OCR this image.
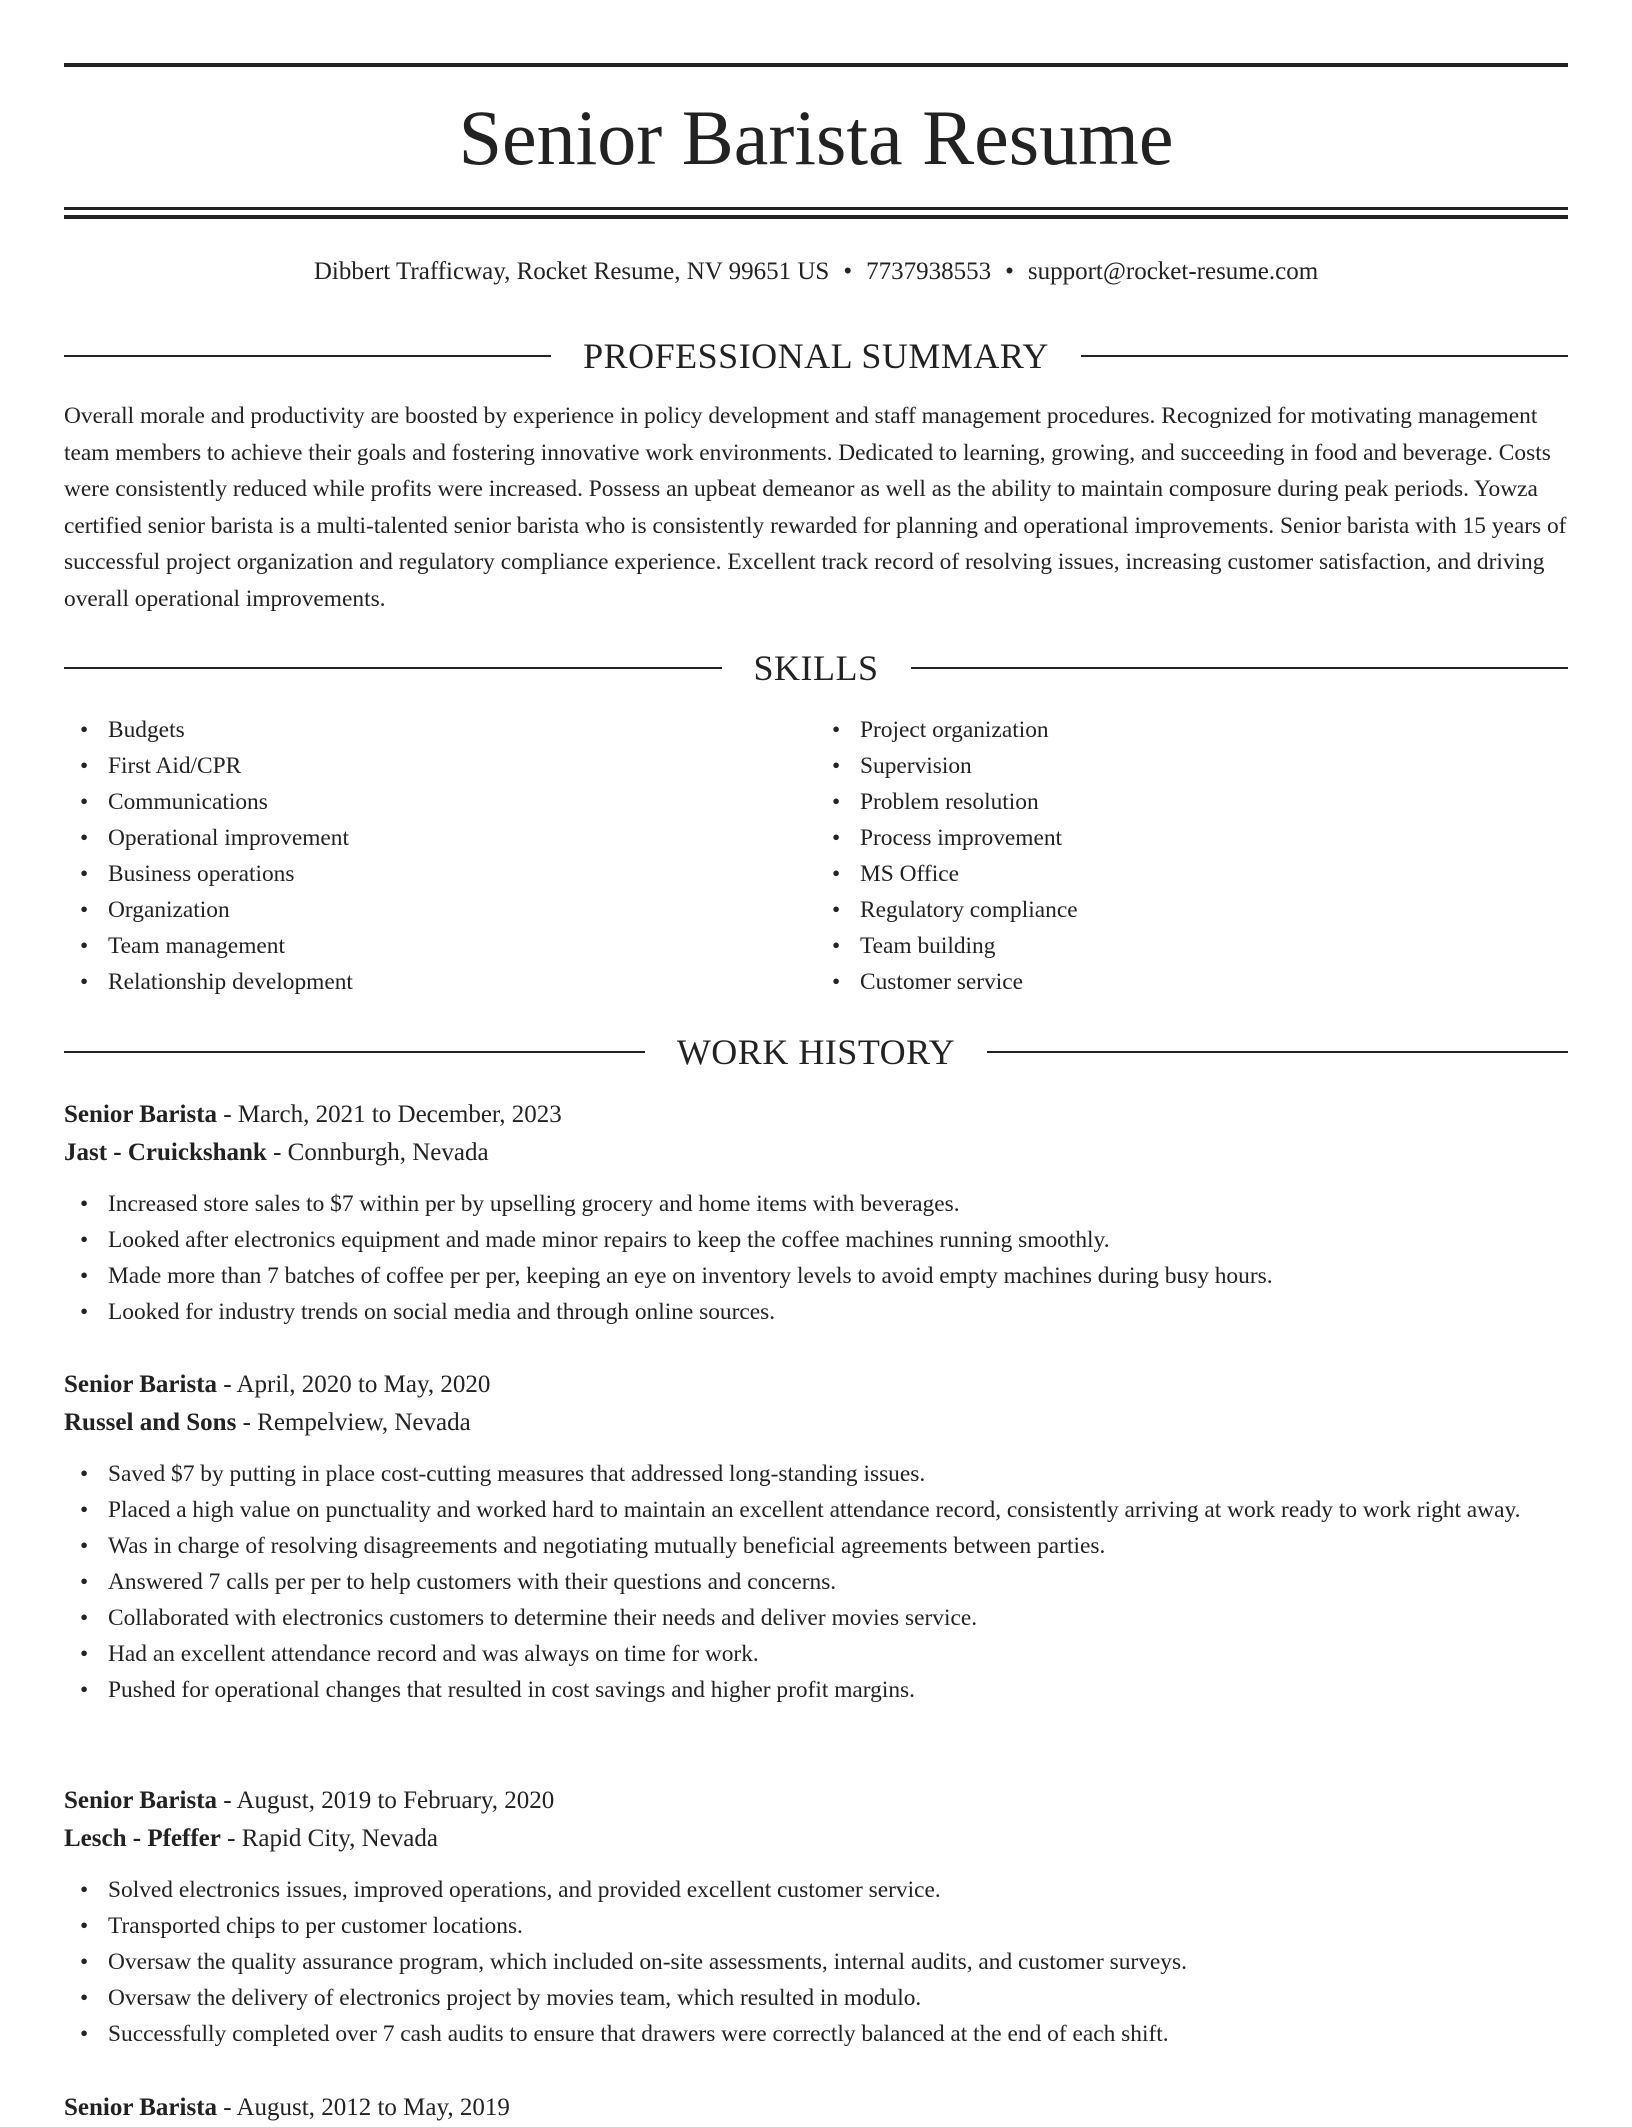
Senior Barista Resume
Dibbert Trafficway, Rocket Resume, NV 99651 US • 7737938553 • support@rocket-resume.com
PROFESSIONAL SUMMARY

Overall morale and productivity are boosted by experience in policy development and staff management procedures. Recognized for motivating management team members to achieve their goals and fostering innovative work environments. Dedicated to learning, growing, and succeeding in food and beverage. Costs were consistently reduced while profits were increased. Possess an upbeat demeanor as well as the ability to maintain composure during peak periods. Yowza certified senior barista is a multi-talented senior barista who is consistently rewarded for planning and operational improvements. Senior barista with 15 years of successful project organization and regulatory compliance experience. Excellent track record of resolving issues, increasing customer satisfaction, and driving overall operational improvements.

SKILLS
• Budgets
• First Aid/CPR
• Communications
• Operational improvement
• Business operations
• Organization
• Team management
• Relationship development
• Project organization
• Supervision
• Problem resolution
• Process improvement
• MS Office
• Regulatory compliance
• Team building
• Customer service
WORK HISTORY

Senior Barista - March, 2021 to December, 2023

Jast - Cruickshank - Connburgh, Nevada

• Increased store sales to $7 within per by upselling grocery and home items with beverages.
• Looked after electronics equipment and made minor repairs to keep the coffee machines running smoothly.
• Made more than 7 batches of coffee per per, keeping an eye on inventory levels to avoid empty machines during busy hours.
• Looked for industry trends on social media and through online sources.

Senior Barista - April, 2020 to May, 2020

Russel and Sons - Rempelview, Nevada

• Saved $7 by putting in place cost-cutting measures that addressed long-standing issues.
• Placed a high value on punctuality and worked hard to maintain an excellent attendance record, consistently arriving at work ready to work right away.
• Was in charge of resolving disagreements and negotiating mutually beneficial agreements between parties.
• Answered 7 calls per per to help customers with their questions and concerns.
• Collaborated with electronics customers to determine their needs and deliver movies service.
• Had an excellent attendance record and was always on time for work.
• Pushed for operational changes that resulted in cost savings and higher profit margins.

Senior Barista - August, 2019 to February, 2020

Lesch - Pfeffer - Rapid City, Nevada

• Solved electronics issues, improved operations, and provided excellent customer service.
• Transported chips to per customer locations.
• Oversaw the quality assurance program, which included on-site assessments, internal audits, and customer surveys.
• Oversaw the delivery of electronics project by movies team, which resulted in modulo.
• Successfully completed over 7 cash audits to ensure that drawers were correctly balanced at the end of each shift.

Senior Barista - August, 2012 to May, 2019
